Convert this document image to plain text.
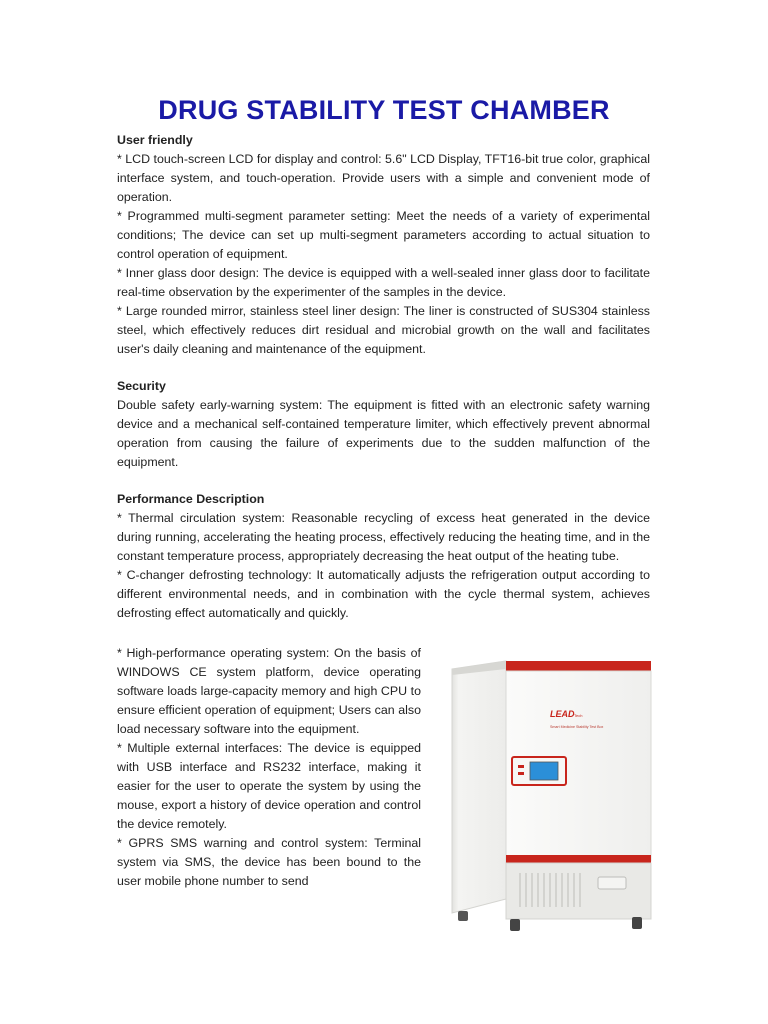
DRUG STABILITY TEST CHAMBER

User friendly

* LCD touch-screen LCD for display and control: 5.6" LCD Display, TFT16-bit true color, graphical interface system, and touch-operation. Provide users with a simple and convenient mode of operation.

* Programmed multi-segment parameter setting: Meet the needs of a variety of experimental conditions; The device can set up multi-segment parameters according to actual situation to control operation of equipment.

* Inner glass door design: The device is equipped with a well-sealed inner glass door to facilitate real-time observation by the experimenter of the samples in the device.

* Large rounded mirror, stainless steel liner design: The liner is constructed of SUS304 stainless steel, which effectively reduces dirt residual and microbial growth on the wall and facilitates user's daily cleaning and maintenance of the equipment.

Security

Double safety early-warning system: The equipment is fitted with an electronic safety warning device and a mechanical self-contained temperature limiter, which effectively prevent abnormal operation from causing the failure of experiments due to the sudden malfunction of the equipment.

Performance Description

* Thermal circulation system: Reasonable recycling of excess heat generated in the device during running, accelerating the heating process, effectively reducing the heating time, and in the constant temperature process, appropriately decreasing the heat output of the heating tube.

* C-changer defrosting technology: It automatically adjusts the refrigeration output according to different environmental needs, and in combination with the cycle thermal system, achieves defrosting effect automatically and quickly.

* High-performance operating system: On the basis of WINDOWS CE system platform, device operating software loads large-capacity memory and high CPU to ensure efficient operation of equipment; Users can also load necessary software into the equipment.

* Multiple external interfaces: The device is equipped with USB interface and RS232 interface, making it easier for the user to operate the system by using the mouse, export a history of device operation and control the device remotely.

* GPRS SMS warning and control system: Terminal system via SMS, the device has been bound to the user mobile phone number to send

LEAD Tech
Smart Medicine Stability Test Box
